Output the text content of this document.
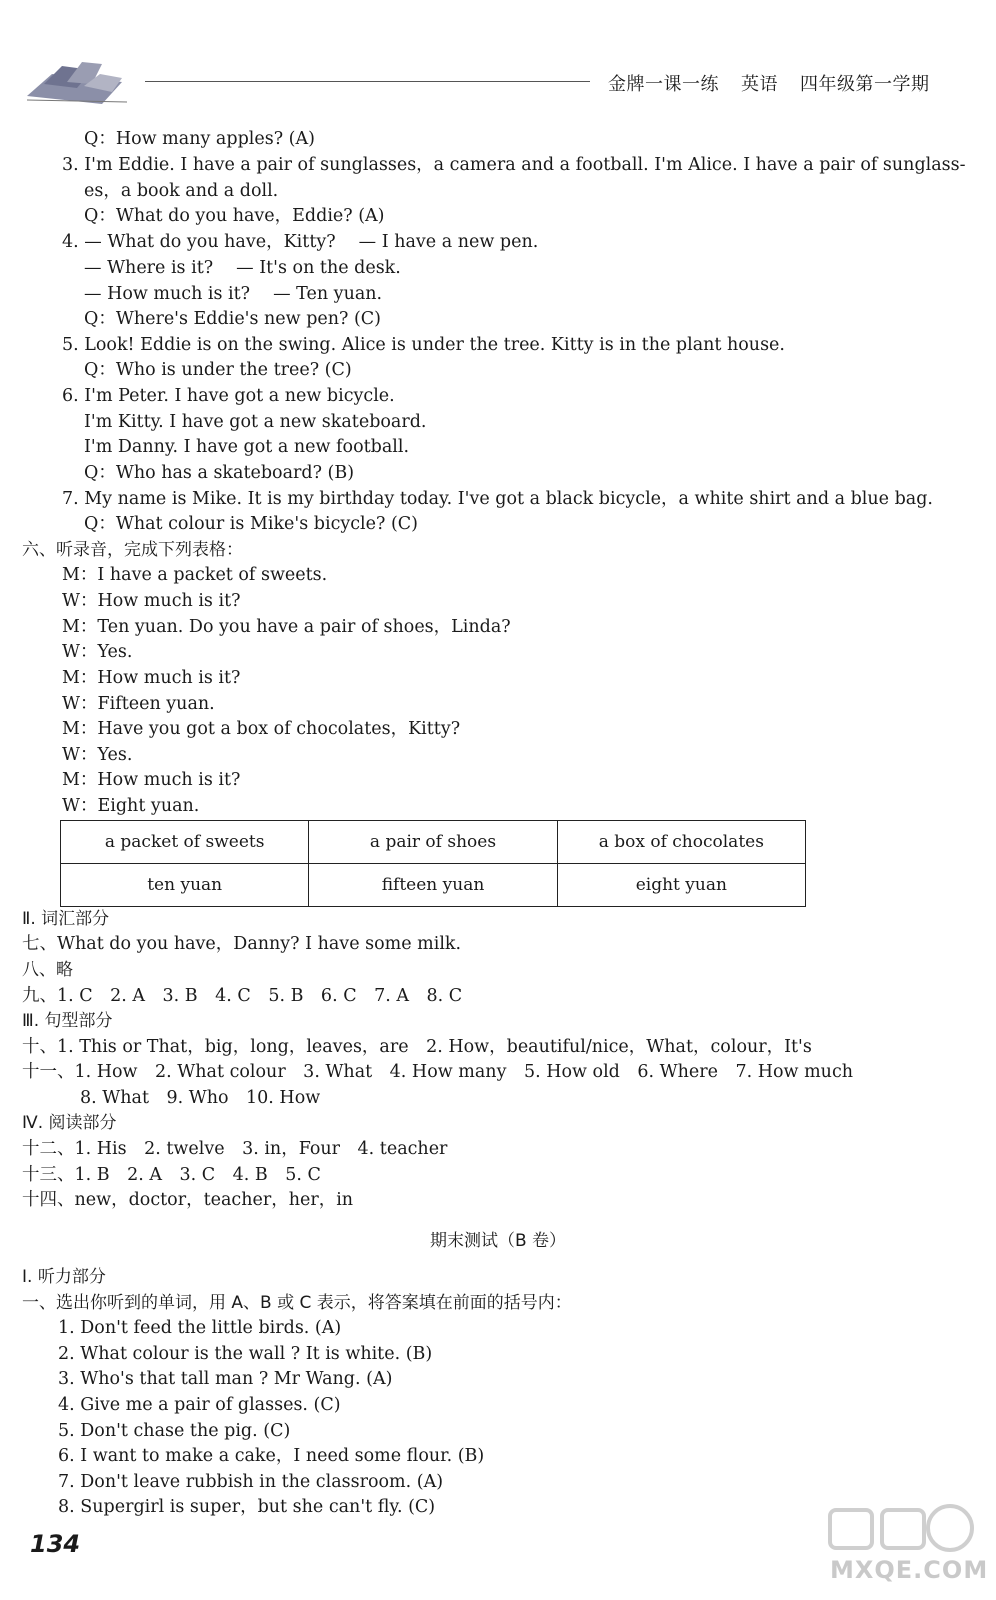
金牌一课一练 英语 四年级第一学期
Q：How many apples? (A)
3. I'm Eddie. I have a pair of sunglasses，a camera and a football. I'm Alice. I have a pair of sunglass-
es，a book and a doll.
Q：What do you have，Eddie? (A)
4. — What do you have，Kitty?　 — I have a new pen.
— Where is it?　 — It's on the desk.
— How much is it?　 — Ten yuan.
Q：Where's Eddie's new pen? (C)
5. Look! Eddie is on the swing. Alice is under the tree. Kitty is in the plant house.
Q：Who is under the tree? (C)
6. I'm Peter. I have got a new bicycle.
I'm Kitty. I have got a new skateboard.
I'm Danny. I have got a new football.
Q：Who has a skateboard? (B)
7. My name is Mike. It is my birthday today. I've got a black bicycle，a white shirt and a blue bag.
Q：What colour is Mike's bicycle? (C)
六、听录音，完成下列表格：
M：I have a packet of sweets.
W：How much is it?
M：Ten yuan. Do you have a pair of shoes，Linda?
W：Yes.
M：How much is it?
W：Fifteen yuan.
M：Have you got a box of chocolates，Kitty?
W：Yes.
M：How much is it?
W：Eight yuan.
a packet of sweets	a pair of shoes	a box of chocolates
ten yuan	fifteen yuan	eight yuan
Ⅱ. 词汇部分
七、What do you have，Danny? I have some milk.
八、略
九、1. C　2. A　3. B　4. C　5. B　6. C　7. A　8. C
Ⅲ. 句型部分
十、1. This or That，big，long，leaves，are　2. How，beautiful/nice，What，colour，It's
十一、1. How　2. What colour　3. What　4. How many　5. How old　6. Where　7. How much
8. What　9. Who　10. How
Ⅳ. 阅读部分
十二、1. His　2. twelve　3. in，Four　4. teacher
十三、1. B　2. A　3. C　4. B　5. C
十四、new，doctor，teacher，her，in
期末测试（B 卷）
Ⅰ. 听力部分
一、选出你听到的单词，用 A、B 或 C 表示，将答案填在前面的括号内：
1. Don't feed the little birds. (A)
2. What colour is the wall ? It is white. (B)
3. Who's that tall man ? Mr Wang. (A)
4. Give me a pair of glasses. (C)
5. Don't chase the pig. (C)
6. I want to make a cake，I need some flour. (B)
7. Don't leave rubbish in the classroom. (A)
8. Supergirl is super，but she can't fly. (C)
134
MXQE.COM
